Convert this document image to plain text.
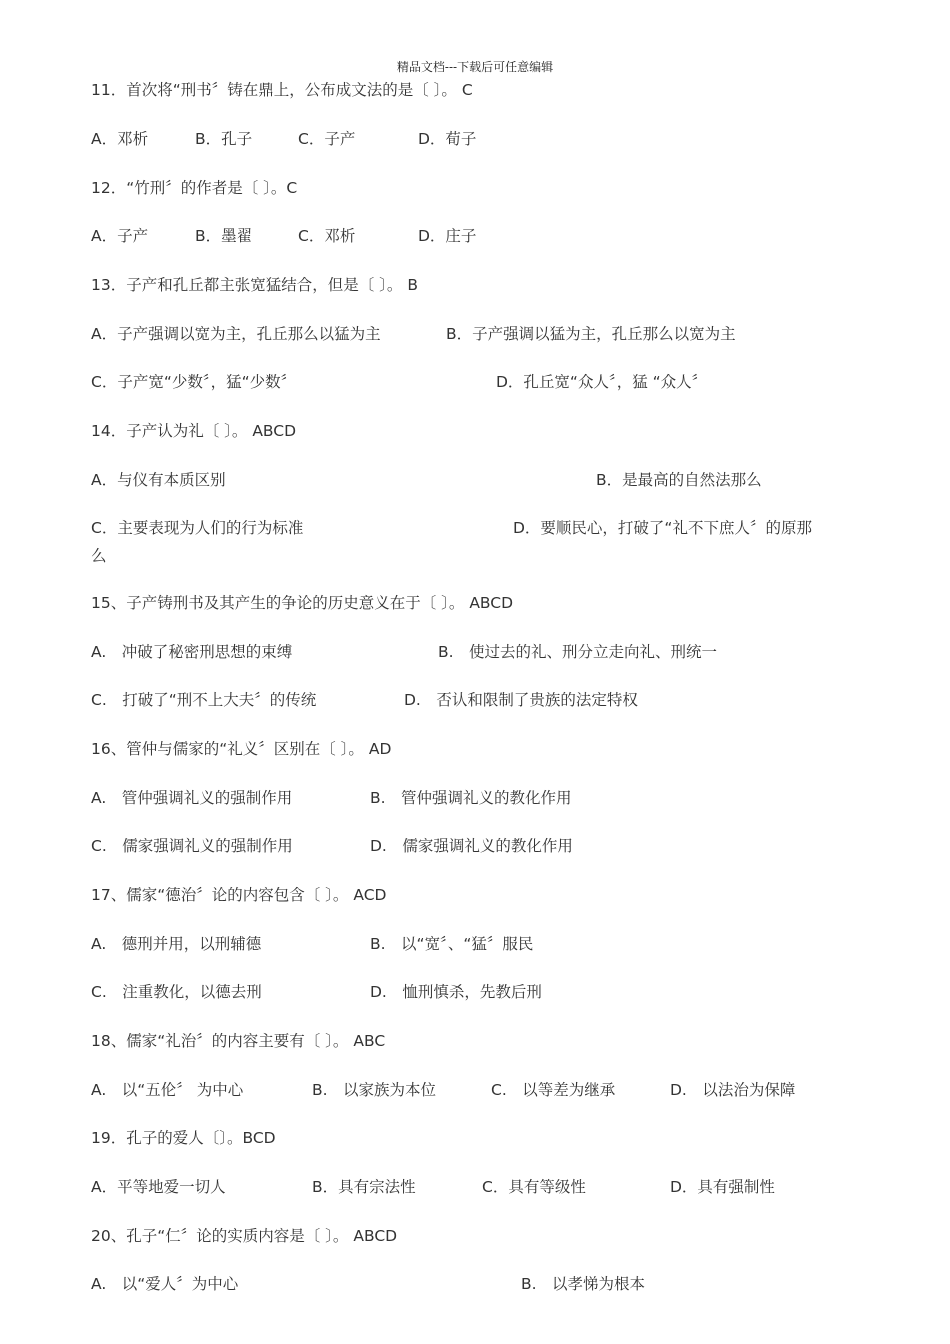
精品文档---下载后可任意编辑
11．首次将“刑书〞铸在鼎上，公布成文法的是〔 〕。 C
A．邓析	B．孔子	C．子产	D．荀子
12．“竹刑〞的作者是〔 〕。C
A．子产	B．墨翟	C．邓析	D．庄子
13．子产和孔丘都主张宽猛结合，但是〔 〕。 B
A．子产强调以宽为主，孔丘那么以猛为主	B．子产强调以猛为主，孔丘那么以宽为主
C．子产宽“少数〞，猛“少数〞	D．孔丘宽“众人〞，猛 “众人〞
14．子产认为礼〔 〕。 ABCD
A．与仪有本质区别	B．是最高的自然法那么
C．主要表现为人们的行为标准	D．要顺民心，打破了“礼不下庶人〞的原那
么
15、子产铸刑书及其产生的争论的历史意义在于〔 〕。 ABCD
A.　冲破了秘密刑思想的束缚	B.　使过去的礼、刑分立走向礼、刑统一
C.　打破了“刑不上大夫〞的传统	D.　否认和限制了贵族的法定特权
16、管仲与儒家的“礼义〞区别在〔 〕。 AD
A.　管仲强调礼义的强制作用	B.　管仲强调礼义的教化作用
C.　儒家强调礼义的强制作用	D.　儒家强调礼义的教化作用
17、儒家“德治〞论的内容包含〔 〕。 ACD
A.　德刑并用，以刑辅德	B.　以“宽〞、“猛〞服民
C.　注重教化，以德去刑	D.　恤刑慎杀，先教后刑
18、儒家“礼治〞的内容主要有〔 〕。 ABC
A.　以“五伦〞 为中心	B.　以家族为本位	C.　以等差为继承	D.　以法治为保障
19．孔子的爱人〔〕。BCD
A．平等地爱一切人	B．具有宗法性	C．具有等级性	D．具有强制性
20、孔子“仁〞论的实质内容是〔 〕。 ABCD
A.　以“爱人〞为中心	B.　以孝悌为根本
